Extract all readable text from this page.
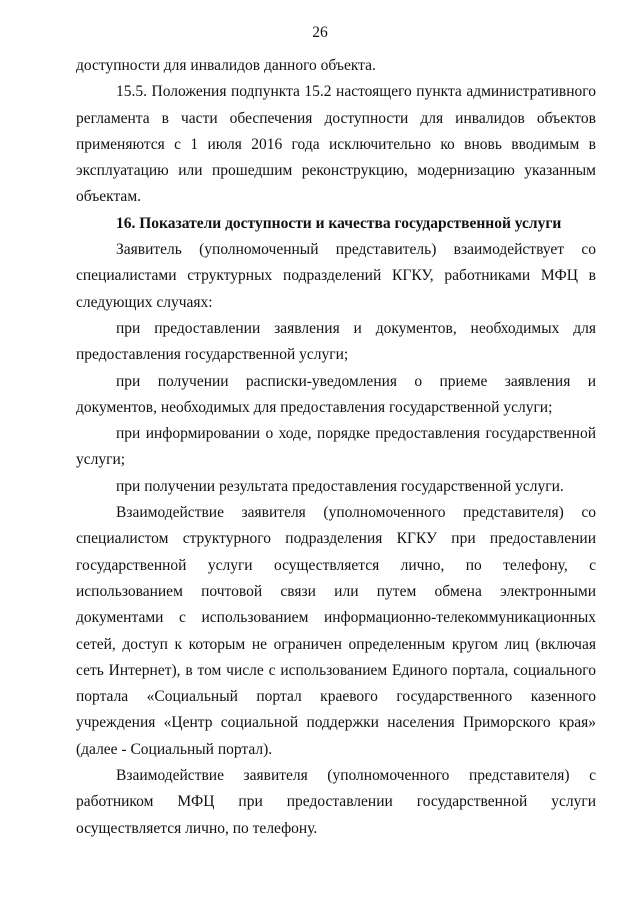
26

доступности для инвалидов данного объекта.

15.5. Положения подпункта 15.2 настоящего пункта административного регламента в части обеспечения доступности для инвалидов объектов применяются с 1 июля 2016 года исключительно ко вновь вводимым в эксплуатацию или прошедшим реконструкцию, модернизацию указанным объектам.

16. Показатели доступности и качества государственной услуги

Заявитель (уполномоченный представитель) взаимодействует со специалистами структурных подразделений КГКУ, работниками МФЦ в следующих случаях:

при предоставлении заявления и документов, необходимых для предоставления государственной услуги;

при получении расписки-уведомления о приеме заявления и документов, необходимых для предоставления государственной услуги;

при информировании о ходе, порядке предоставления государственной услуги;

при получении результата предоставления государственной услуги.

Взаимодействие заявителя (уполномоченного представителя) со специалистом структурного подразделения КГКУ при предоставлении государственной услуги осуществляется лично, по телефону, с использованием почтовой связи или путем обмена электронными документами с использованием информационно-телекоммуникационных сетей, доступ к которым не ограничен определенным кругом лиц (включая сеть Интернет), в том числе с использованием Единого портала, социального портала «Социальный портал краевого государственного казенного учреждения «Центр социальной поддержки населения Приморского края» (далее - Социальный портал).

Взаимодействие заявителя (уполномоченного представителя) с работником МФЦ при предоставлении государственной услуги осуществляется лично, по телефону.
